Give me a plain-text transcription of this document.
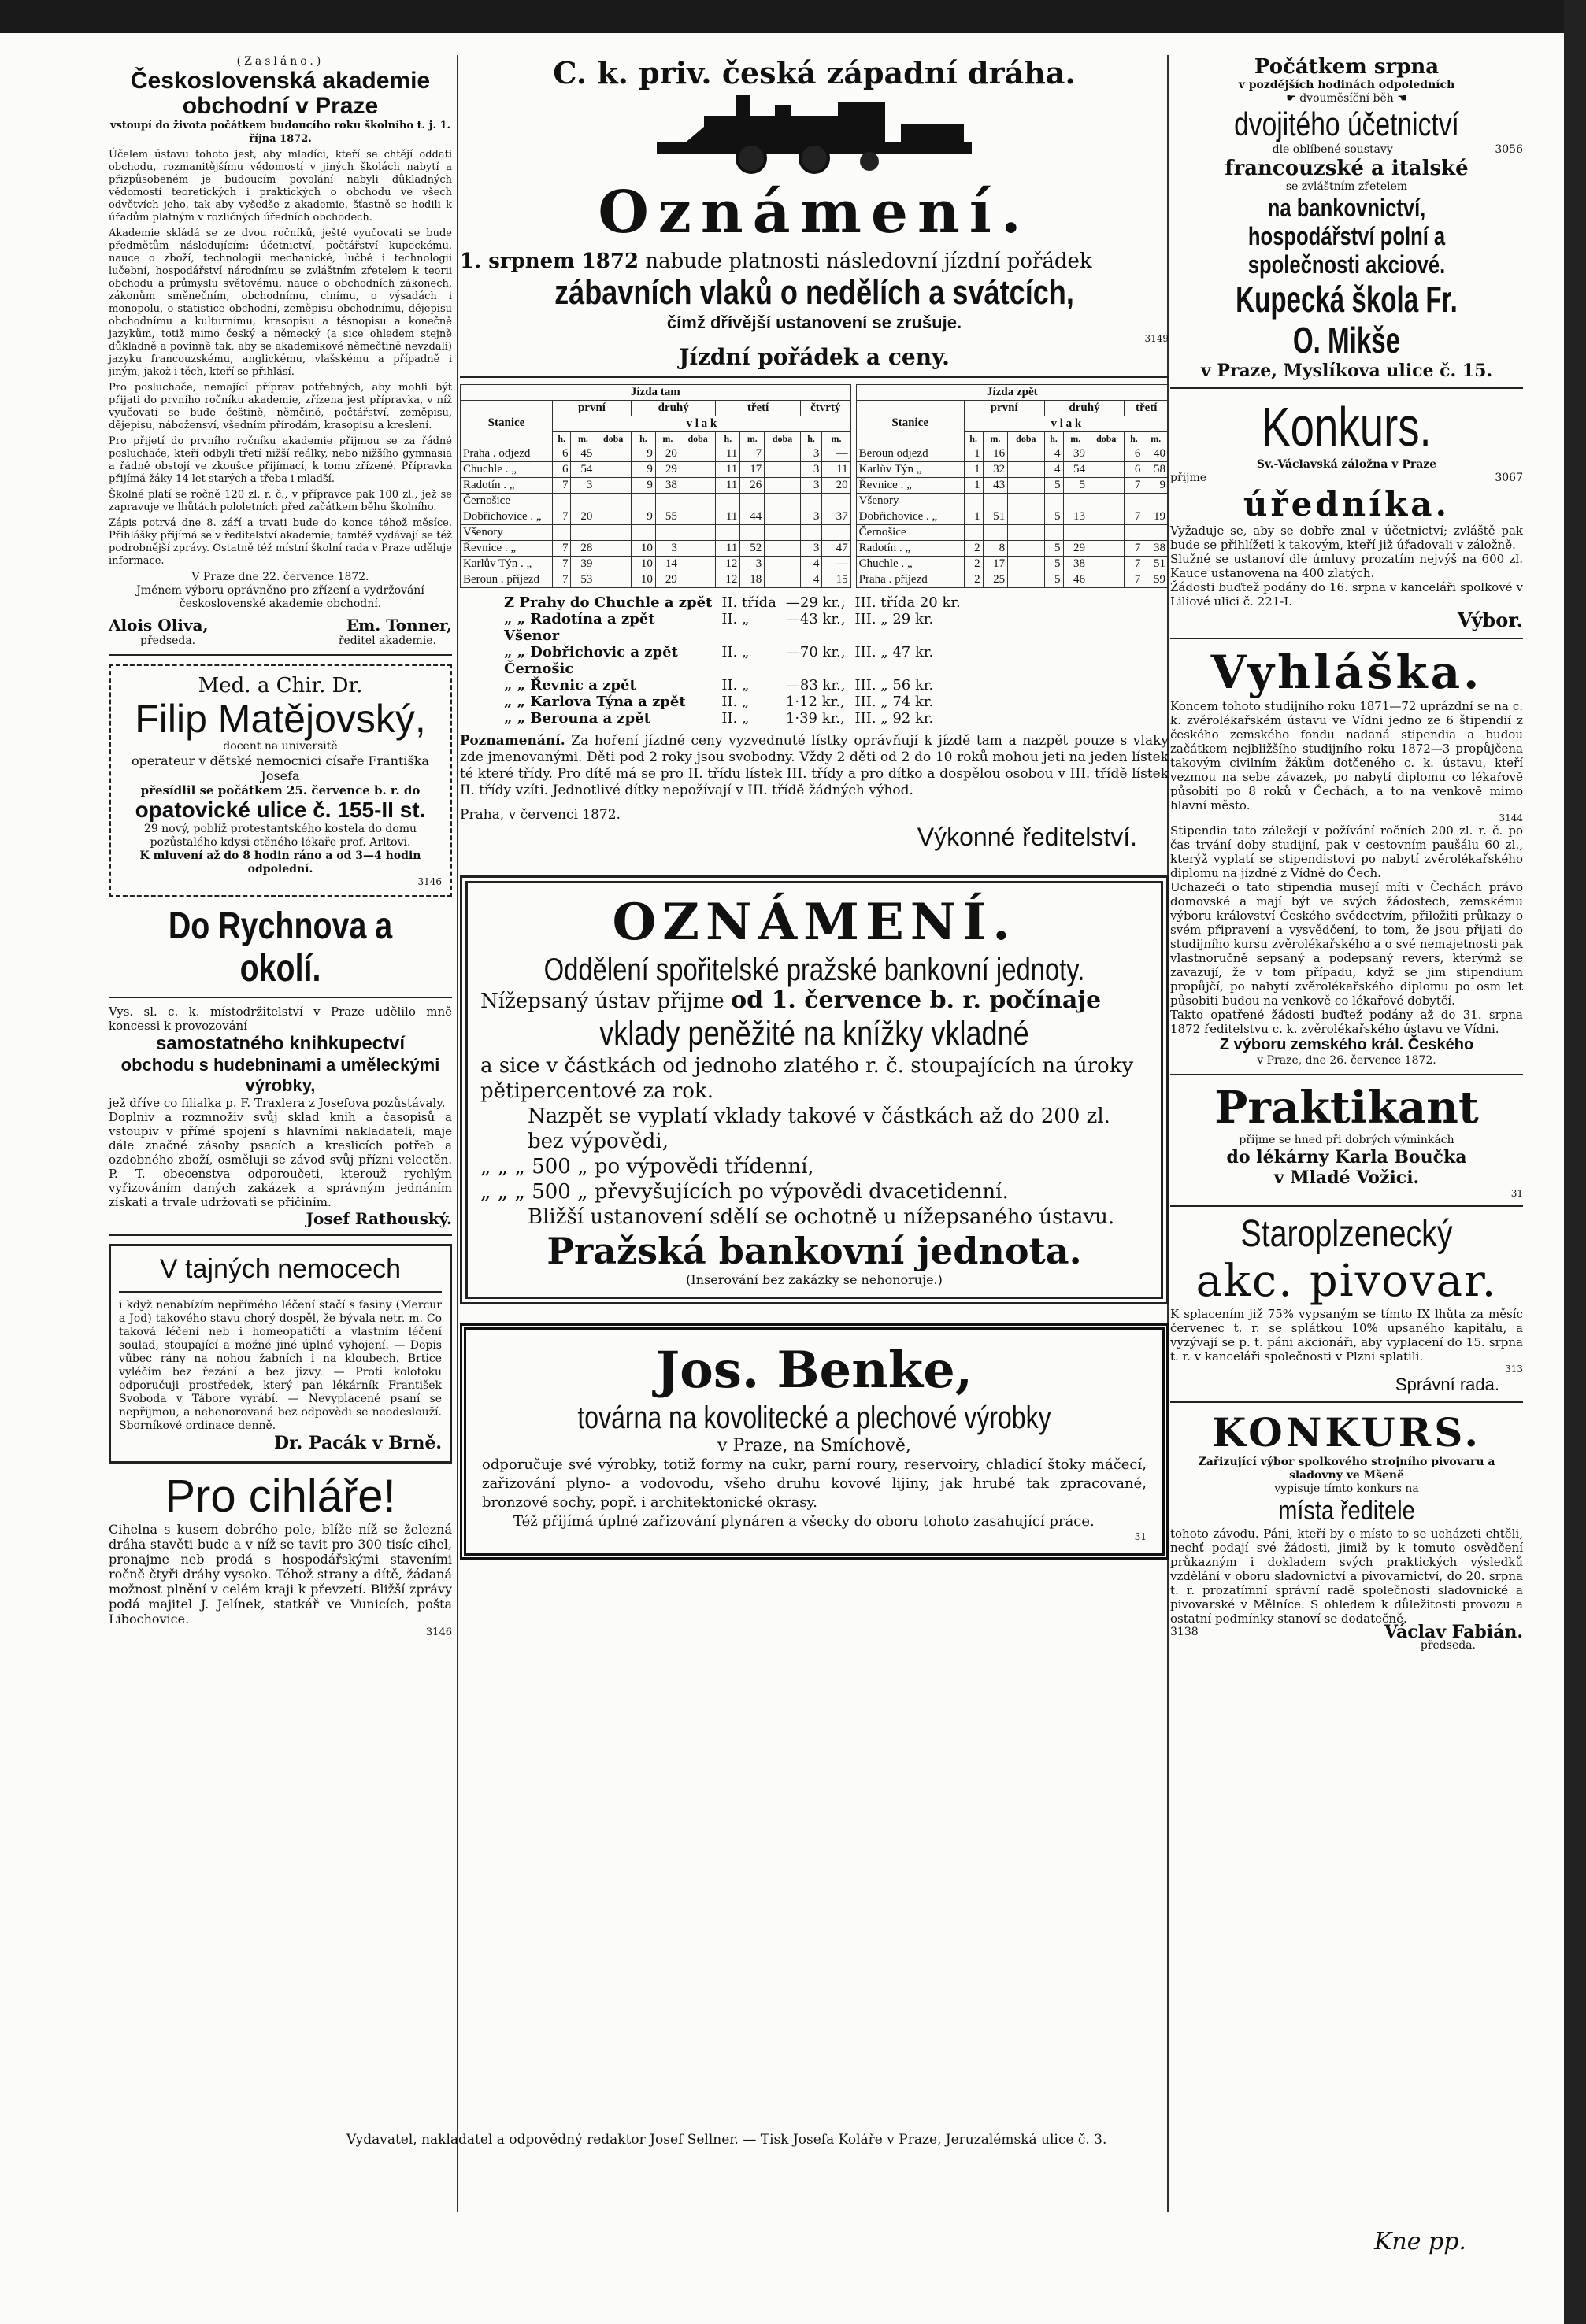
(Zasláno.)
Československá akademie obchodní v Praze
vstoupí do života počátkem budoucího roku školního t. j. 1. října 1872.

Účelem ústavu tohoto jest, aby mladíci, kteří se chtějí oddati obchodu, rozmanitějšímu vědomostí v jiných školách nabytí a přizpůsobeném je budoucím povolání nabyli důkladných vědomostí teoretických i praktických o obchodu ve všech odvětvích jeho, tak aby vyšedše z akademie, šťastně se hodili k úřadům platným v rozličných úředních obchodech.

Akademie skládá se ze dvou ročníků, ještě vyučovati se bude předmětům následujícím: účetnictví, počtářství kupeckému, nauce o zboží, technologii mechanické, lučbě i technologii lučební, hospodářství národnímu se zvláštním zřetelem k teorii obchodu a průmyslu světovému, nauce o obchodních zákonech, zákonům směnečním, obchodnímu, clnímu, o výsadách i monopolu, o statistice obchodní, zeměpisu obchodnímu, dějepisu obchodnímu a kulturnímu, krasopisu a těsnopisu a konečně jazykům, totiž mimo český a německý (a sice ohledem stejně důkladně a povinně tak, aby se akademikové němečtině nevzdali) jazyku francouzskému, anglickému, vlašskému a případně i jiným, jakož i těch, kteří se přihlásí.

Pro posluchače, nemající příprav potřebných, aby mohli být přijati do prvního ročníku akademie, zřízena jest přípravka, v níž vyučovati se bude češtině, němčině, počtářství, zeměpisu, dějepisu, nábožensví, všedním přírodám, krasopisu a kreslení.

Pro přijetí do prvního ročníku akademie přijmou se za řádné posluchače, kteří odbyli třetí nižší reálky, nebo nižšího gymnasia a řádně obstojí ve zkoušce přijímací, k tomu zřízené. Přípravka přijímá žáky 14 let starých a třeba i mladší.

Školné platí se ročně 120 zl. r. č., v přípravce pak 100 zl., jež se zapravuje ve lhůtách pololetních před začátkem běhu školního.

Zápis potrvá dne 8. září a trvati bude do konce téhož měsíce. Přihlášky přijímá se v ředitelství akademie; tamtéž vydávají se též podrobnější zprávy. Ostatně též místní školní rada v Praze uděluje informace.

V Praze dne 22. července 1872.
Jménem výboru oprávněno pro zřízení a vydržování československé akademie obchodní.
Alois Oliva,	Em. Tonner,
předseda.	ředitel akademie.
Med. a Chir. Dr.
Filip Matějovský,
docent na universitě
operateur v dětské nemocnici císaře Františka Josefa
přesídlil se počátkem 25. července b. r. do
opatovické ulice č. 155-II st.
29 nový, poblíž protestantského kostela do domu pozůstalého kdysi ctěného lékaře prof. Arltovi.
K mluvení až do 8 hodin ráno a od 3—4 hodin odpolední.
3146
Do Rychnova a okolí.
Vys. sl. c. k. místodržitelství v Praze udělilo mně koncessi k provozování
samostatného knihkupectví
obchodu s hudebninami a uměleckými výrobky,
jež dříve co filialka p. F. Traxlera z Josefova pozůstávaly.
Doplniv a rozmnoživ svůj sklad knih a časopisů a vstoupiv v přímé spojení s hlavními nakladateli, maje dále značné zásoby psacích a kreslicích potřeb a ozdobného zboží, osměluji se závod svůj přízni velectěn. P. T. obecenstva odporoučeti, kterouž rychlým vyřizováním daných zakázek a správným jednáním získati a trvale udržovati se přičiním.
Josef Rathouský.
V tajných nemocech
i když nenabízím nepřímého léčení stačí s fasiny (Mercur a Jod) takového stavu chorý dospěl, že bývala netr. m. Co taková léčení neb i homeopatičtí a vlastním léčení soulad, stoupající a možné jiné úplné vyhojení. — Dopis vůbec rány na nohou žabních i na kloubech. Brtice vyléčím bez řezání a bez jizvy. — Proti kolotoku odporučuji prostředek, který pan lékárník František Svoboda v Tábore vyrábí. — Nevyplacené psaní se nepřijmou, a nehonorovaná bez odpovědi se neodeslouží. Sborníkové ordinace denně.
Dr. Pacák v Brně.
Pro cihláře!
Cihelna s kusem dobrého pole, blíže níž se železná dráha stavěti bude a v níž se tavit pro 300 tisíc cihel, pronajme neb prodá s hospodářskými staveními ročně čtyři dráhy vysoko. Téhož strany a dítě, žádaná možnost plnění v celém kraji k převzetí. Bližší zprávy podá majitel J. Jelínek, statkář ve Vunicích, pošta Libochovice.
3146
C. k. priv. česká západní dráha.
Oznámení.
1. srpnem 1872 nabude platnosti následovní jízdní pořádek
zábavních vlaků o nedělích a svátcích,
čímž dřívější ustanovení se zrušuje.
3149
Jízdní pořádek a ceny.
Jízda tam											
Stanice	první			druhý			třetí			čtvrtý	
	v l a k										
	h.	m.	doba	h.	m.	doba	h.	m.	doba	h.	m.
Praha . odjezd	6	45		9	20		11	7		3	—
Chuchle . „	6	54		9	29		11	17		3	11
Radotín . „	7	3		9	38		11	26		3	20
Černošice											
Dobřichovice . „	7	20		9	55		11	44		3	37
Všenory											
Řevnice . „	7	28		10	3		11	52		3	47
Karlův Týn . „	7	39		10	14		12	3		4	—
Beroun . příjezd	7	53		10	29		12	18		4	15
Jízda zpět								
Stanice	první			druhý			třetí	
	v l a k							
	h.	m.	doba	h.	m.	doba	h.	m.
Beroun odjezd	1	16		4	39		6	40
Karlův Týn „	1	32		4	54		6	58
Řevnice . „	1	43		5	5		7	9
Všenory								
Dobřichovice . „	1	51		5	13		7	19
Černošice								
Radotín . „	2	8		5	29		7	38
Chuchle . „	2	17		5	38		7	51
Praha . příjezd	2	25		5	46		7	59
Z Prahy do Chuchle a zpět	II. třída	—29 kr.,	III. třída 20 kr.
„ „ Radotína a zpět	II. „	—43 kr.,	III. „ 29 kr.
Všenor			
„ „ Dobřichovic a zpět	II. „	—70 kr.,	III. „ 47 kr.
Černošic			
„ „ Řevnic a zpět	II. „	—83 kr.,	III. „ 56 kr.
„ „ Karlova Týna a zpět	II. „	1·12 kr.,	III. „ 74 kr.
„ „ Berouna a zpět	II. „	1·39 kr.,	III. „ 92 kr.
Poznamenání. Za hoření jízdné ceny vyzvednuté lístky oprávňují k jízdě tam a nazpět pouze s vlaky zde jmenovanými. Děti pod 2 roky jsou svobodny. Vždy 2 děti od 2 do 10 roků mohou jeti na jeden lístek té které třídy. Pro dítě má se pro II. třídu lístek III. třídy a pro dítko a dospělou osobou v III. třídě lístek II. třídy vzíti. Jednotlivé dítky nepožívají v III. třídě žádných výhod.
Praha, v červenci 1872.
Výkonné ředitelství.
OZNÁMENÍ.
Oddělení spořitelské pražské bankovní jednoty.
Nížepsaný ústav přijme od 1. července b. r. počínaje
vklady peněžité na knížky vkladné
a sice v částkách od jednoho zlatého r. č. stoupajících na úroky pětipercentové za rok.
Nazpět se vyplatí vklady takové v částkách až do 200 zl. bez výpovědi,
„ „ „ 500 „ po výpovědi třídenní,
„ „ „ 500 „ převyšujících po výpovědi dvacetidenní.
Bližší ustanovení sdělí se ochotně u nížepsaného ústavu.
Pražská bankovní jednota.
(Inserování bez zakázky se nehonoruje.)
Jos. Benke,
továrna na kovolitecké a plechové výrobky
v Praze, na Smíchově,
odporučuje své výrobky, totiž formy na cukr, parní roury, reservoiry, chladicí štoky máčecí, zařizování plyno- a vodovodu, všeho druhu kovové lijiny, jak hrubé tak zpracované, bronzové sochy, popř. i architektonické okrasy.
Též přijímá úplné zařizování plynáren a všecky do oboru tohoto zasahující práce.
31
Počátkem srpna
v pozdějších hodinách odpoledních
☛ dvouměsíční běh ☚
dvojitého účetnictví
dle oblíbené soustavy	3056
francouzské a italské
se zvláštním zřetelem
na bankovnictví, hospodářství polní a společnosti akciové.
Kupecká škola Fr. O. Mikše
v Praze, Myslíkova ulice č. 15.
Konkurs.
Sv.-Václavská záložna v Praze
přijme	3067
úředníka.
Vyžaduje se, aby se dobře znal v účetnictví; zvláště pak bude se přihlížeti k takovým, kteří již úřadovali v záložně.
Služné se ustanoví dle úmluvy prozatím nejvýš na 600 zl. Kauce ustanovena na 400 zlatých.
Žádosti buďtež podány do 16. srpna v kanceláři spolkové v Liliové ulici č. 221-I.
Výbor.
Vyhláška.
Koncem tohoto studijního roku 1871—72 uprázdní se na c. k. zvěrolékařském ústavu ve Vídni jedno ze 6 štipendií z českého zemského fondu nadaná stipendia a budou začátkem nejbližšího studijního roku 1872—3 propůjčena takovým civilním žákům dotčeného c. k. ústavu, kteří vezmou na sebe závazek, po nabytí diplomu co lékařově působiti po 8 roků v Čechách, a to na venkově mimo hlavní město.
3144
Stipendia tato záležejí v požívání ročních 200 zl. r. č. po čas trvání doby studijní, pak v cestovním paušálu 60 zl., kterýž vyplatí se stipendistovi po nabytí zvěrolékařského diplomu na jízdné z Vídně do Čech.
Uchazeči o tato stipendia musejí míti v Čechách právo domovské a mají být ve svých žádostech, zemskému výboru království Českého svědectvím, přiložiti průkazy o svém připravení a vysvědčení, to tom, že jsou přijati do studijního kursu zvěrolékařského a o své nemajetnosti pak vlastnoručně sepsaný a podepsaný revers, kterýmž se zavazují, že v tom případu, když se jim stipendium propůjčí, po nabytí zvěrolékařského diplomu po osm let působiti budou na venkově co lékařové dobytčí.
Takto opatřené žádosti buďtež podány až do 31. srpna 1872 ředitelstvu c. k. zvěrolékařského ústavu ve Vídni.
Z výboru zemského král. Českého
v Praze, dne 26. července 1872.
Praktikant
přijme se hned při dobrých výminkách
do lékárny Karla Boučka
v Mladé Vožici.
31
Staroplzenecký
akc. pivovar.
K splacením již 75% vypsaným se tímto IX lhůta za měsíc červenec t. r. se splátkou 10% upsaného kapitálu, a vyzývají se p. t. páni akcionáři, aby vyplacení do 15. srpna t. r. v kanceláři společnosti v Plzni splatili.
313
Správní rada.
KONKURS.
Zařizující výbor spolkového strojního pivovaru a sladovny ve Mšeně
vypisuje tímto konkurs na
místa ředitele
tohoto závodu. Páni, kteří by o místo to se ucházeti chtěli, nechť podají své žádosti, jimiž by k tomuto osvědčení průkazným i dokladem svých praktických výsledků vzdělání v oboru sladovnictví a pivovarnictví, do 20. srpna t. r. prozatímní správní radě společnosti sladovnické a pivovarské v Mělníce. S ohledem k důležitosti provozu a ostatní podmínky stanoví se dodatečně.
3138	Václav Fabián.
předseda.
Vydavatel, nakladatel a odpovědný redaktor Josef Sellner. — Tisk Josefa Koláře v Praze, Jeruzalémská ulice č. 3.
Kne pp.
